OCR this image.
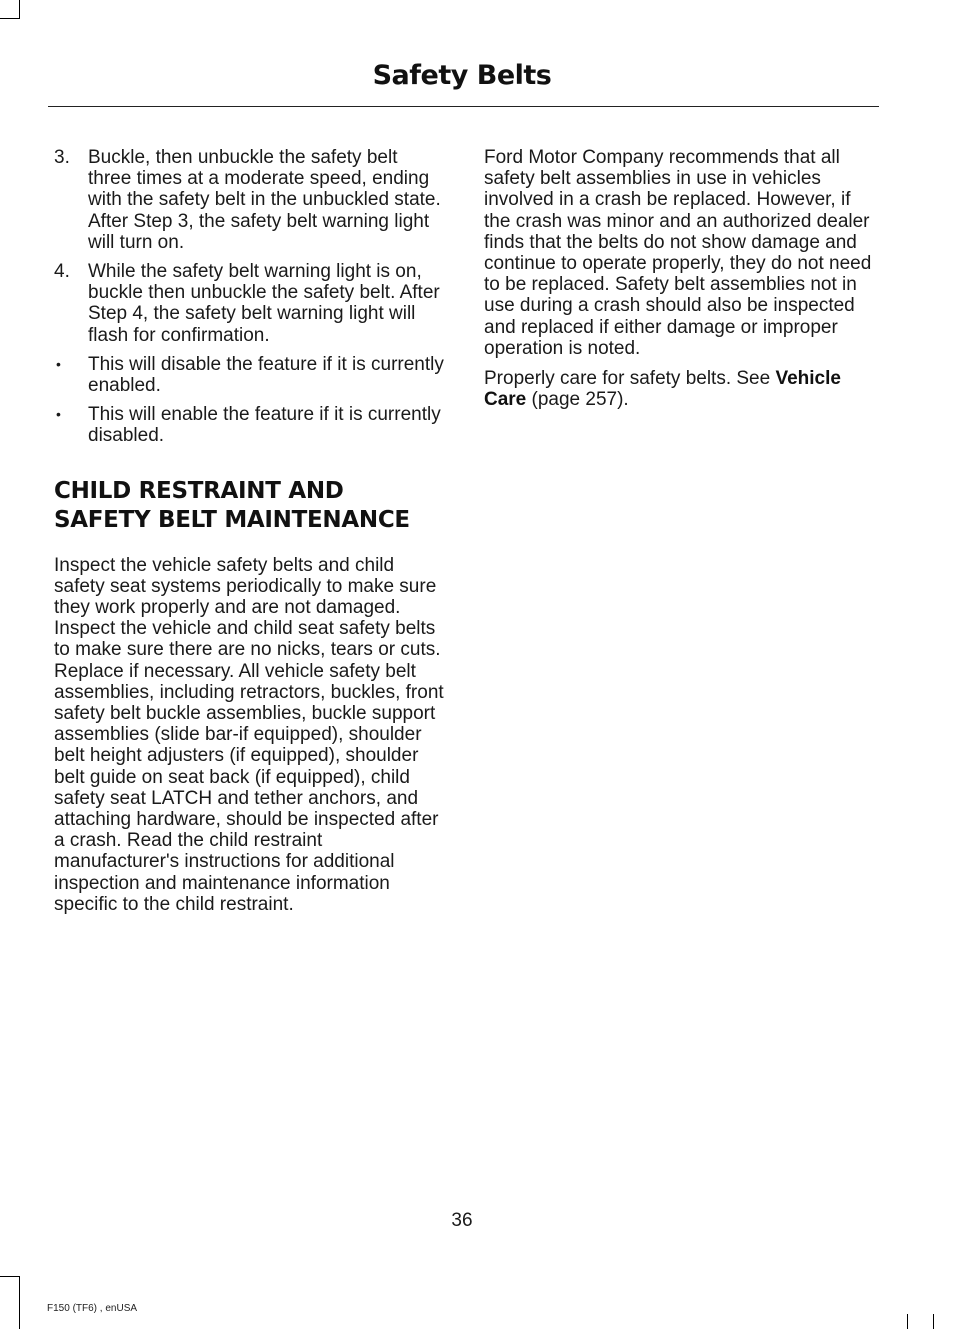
Safety Belts
3. Buckle, then unbuckle the safety belt three times at a moderate speed, ending with the safety belt in the unbuckled state. After Step 3, the safety belt warning light will turn on.
4. While the safety belt warning light is on, buckle then unbuckle the safety belt. After Step 4, the safety belt warning light will flash for confirmation.
• This will disable the feature if it is currently enabled.
• This will enable the feature if it is currently disabled.
CHILD RESTRAINT AND SAFETY BELT MAINTENANCE

Inspect the vehicle safety belts and child safety seat systems periodically to make sure they work properly and are not damaged. Inspect the vehicle and child seat safety belts to make sure there are no nicks, tears or cuts. Replace if necessary. All vehicle safety belt assemblies, including retractors, buckles, front safety belt buckle assemblies, buckle support assemblies (slide bar-if equipped), shoulder belt height adjusters (if equipped), shoulder belt guide on seat back (if equipped), child safety seat LATCH and tether anchors, and attaching hardware, should be inspected after a crash. Read the child restraint manufacturer's instructions for additional inspection and maintenance information specific to the child restraint.

Ford Motor Company recommends that all safety belt assemblies in use in vehicles involved in a crash be replaced. However, if the crash was minor and an authorized dealer finds that the belts do not show damage and continue to operate properly, they do not need to be replaced. Safety belt assemblies not in use during a crash should also be inspected and replaced if either damage or improper operation is noted.

Properly care for safety belts. See Vehicle Care (page 257).

36
F150 (TF6) , enUSA
